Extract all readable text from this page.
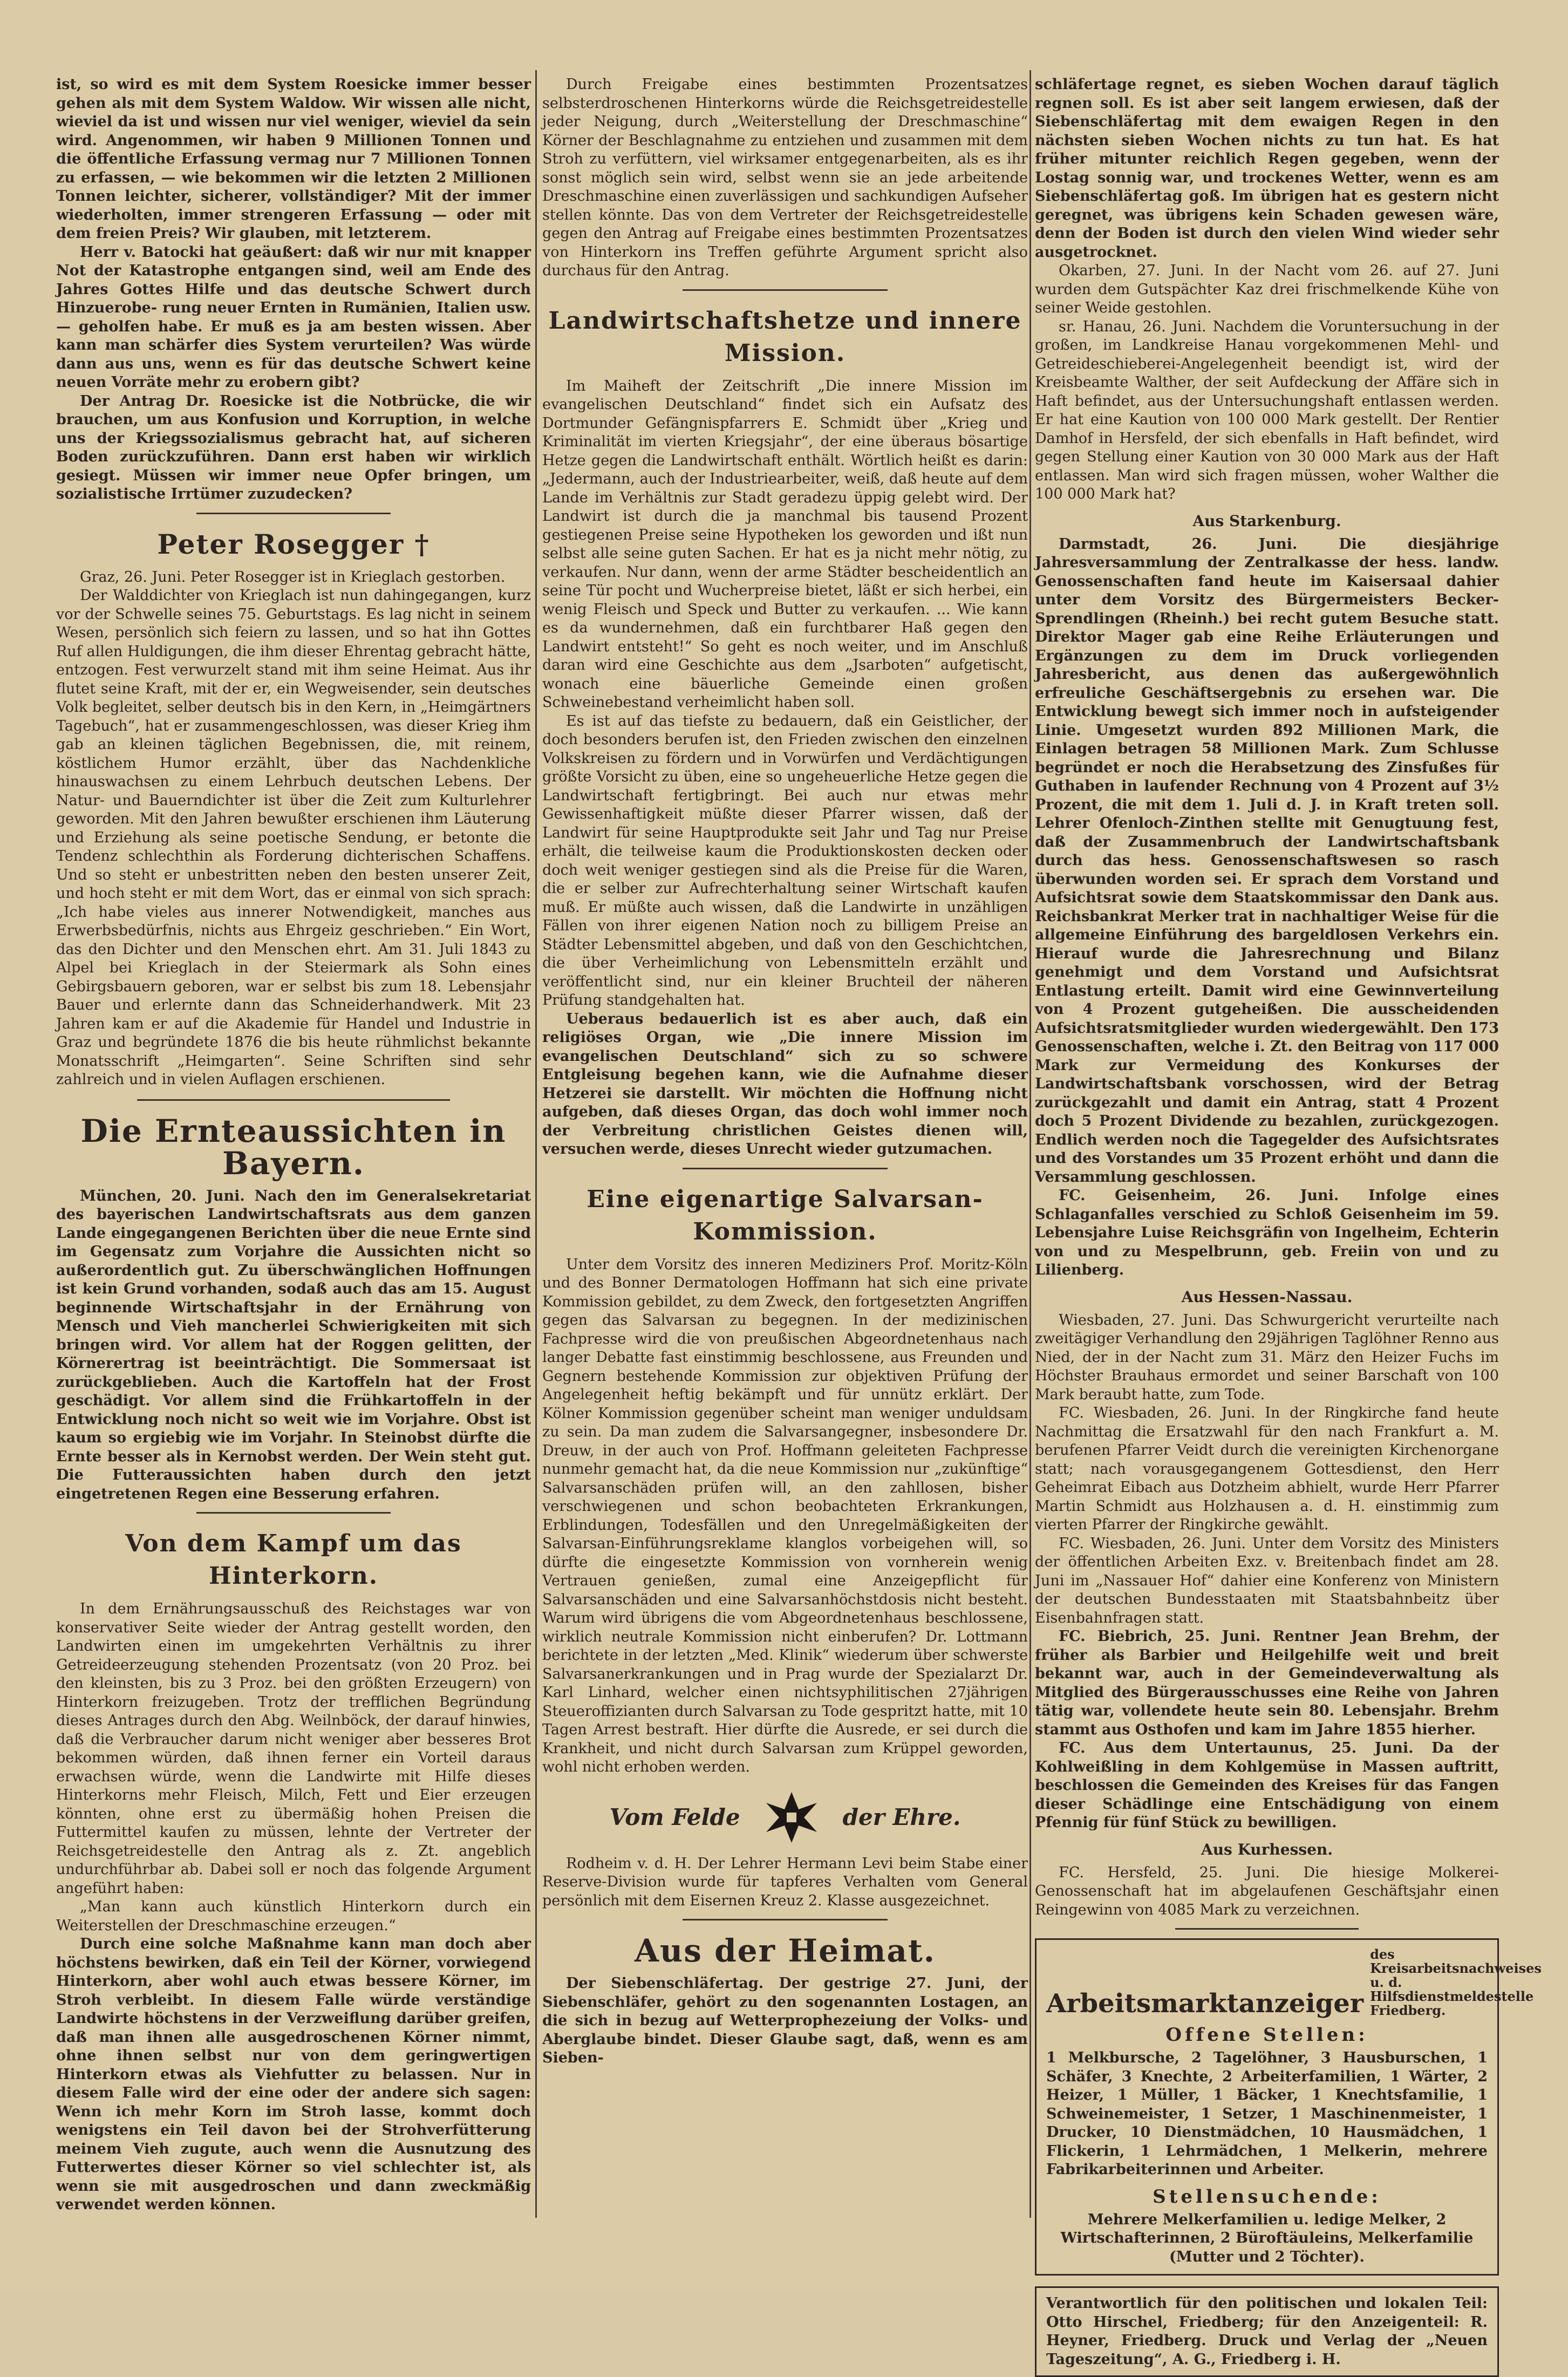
ist, so wird es mit dem System Roesicke immer besser gehen als mit dem System Waldow. Wir wissen alle nicht, wieviel da ist und wissen nur viel weniger, wieviel da sein wird. Angenommen, wir haben 9 Millionen Tonnen und die öffentliche Erfassung vermag nur 7 Millionen Tonnen zu erfassen, — wie bekommen wir die letzten 2 Millionen Tonnen leichter, sicherer, vollständiger? Mit der immer wiederholten, immer strengeren Erfassung — oder mit dem freien Preis? Wir glauben, mit letzterem.

Herr v. Batocki hat geäußert: daß wir nur mit knapper Not der Katastrophe entgangen sind, weil am Ende des Jahres Gottes Hilfe und das deutsche Schwert durch Hinzuerobe- rung neuer Ernten in Rumänien, Italien usw. — geholfen habe. Er muß es ja am besten wissen. Aber kann man schärfer dies System verurteilen? Was würde dann aus uns, wenn es für das deutsche Schwert keine neuen Vorräte mehr zu erobern gibt?

Der Antrag Dr. Roesicke ist die Notbrücke, die wir brauchen, um aus Konfusion und Korruption, in welche uns der Kriegssozialismus gebracht hat, auf sicheren Boden zurückzuführen. Dann erst haben wir wirklich gesiegt. Müssen wir immer neue Opfer bringen, um sozialistische Irrtümer zuzudecken?

Peter Rosegger †

Graz, 26. Juni. Peter Rosegger ist in Krieglach gestorben.

Der Walddichter von Krieglach ist nun dahingegangen, kurz vor der Schwelle seines 75. Geburtstags. Es lag nicht in seinem Wesen, persönlich sich feiern zu lassen, und so hat ihn Gottes Ruf allen Huldigungen, die ihm dieser Ehrentag gebracht hätte, entzogen. Fest verwurzelt stand mit ihm seine Heimat. Aus ihr flutet seine Kraft, mit der er, ein Wegweisender, sein deutsches Volk begleitet, selber deutsch bis in den Kern, in „Heimgärtners Tagebuch“, hat er zusammengeschlossen, was dieser Krieg ihm gab an kleinen täglichen Begebnissen, die, mit reinem, köstlichem Humor erzählt, über das Nachdenkliche hinauswachsen zu einem Lehrbuch deutschen Lebens. Der Natur- und Bauerndichter ist über die Zeit zum Kulturlehrer geworden. Mit den Jahren bewußter erschienen ihm Läuterung und Erziehung als seine poetische Sendung, er betonte die Tendenz schlechthin als Forderung dichterischen Schaffens. Und so steht er unbestritten neben den besten unserer Zeit, und hoch steht er mit dem Wort, das er einmal von sich sprach: „Ich habe vieles aus innerer Notwendigkeit, manches aus Erwerbsbedürfnis, nichts aus Ehrgeiz geschrieben.“ Ein Wort, das den Dichter und den Menschen ehrt. Am 31. Juli 1843 zu Alpel bei Krieglach in der Steiermark als Sohn eines Gebirgsbauern geboren, war er selbst bis zum 18. Lebensjahr Bauer und erlernte dann das Schneiderhandwerk. Mit 23 Jahren kam er auf die Akademie für Handel und Industrie in Graz und begründete 1876 die bis heute rühmlichst bekannte Monatsschrift „Heimgarten“. Seine Schriften sind sehr zahlreich und in vielen Auflagen erschienen.

Die Ernteaussichten in Bayern.

München, 20. Juni. Nach den im Generalsekretariat des bayerischen Landwirtschaftsrats aus dem ganzen Lande eingegangenen Berichten über die neue Ernte sind im Gegensatz zum Vorjahre die Aussichten nicht so außerordentlich gut. Zu überschwänglichen Hoffnungen ist kein Grund vorhanden, sodaß auch das am 15. August beginnende Wirtschaftsjahr in der Ernährung von Mensch und Vieh mancherlei Schwierigkeiten mit sich bringen wird. Vor allem hat der Roggen gelitten, der Körnerertrag ist beeinträchtigt. Die Sommersaat ist zurückgeblieben. Auch die Kartoffeln hat der Frost geschädigt. Vor allem sind die Frühkartoffeln in der Entwicklung noch nicht so weit wie im Vorjahre. Obst ist kaum so ergiebig wie im Vorjahr. In Steinobst dürfte die Ernte besser als in Kernobst werden. Der Wein steht gut. Die Futteraussichten haben durch den jetzt eingetretenen Regen eine Besserung erfahren.

Von dem Kampf um das Hinterkorn.

In dem Ernährungsausschuß des Reichstages war von konservativer Seite wieder der Antrag gestellt worden, den Landwirten einen im umgekehrten Verhältnis zu ihrer Getreideerzeugung stehenden Prozentsatz (von 20 Proz. bei den kleinsten, bis zu 3 Proz. bei den größten Erzeugern) von Hinterkorn freizugeben. Trotz der trefflichen Begründung dieses Antrages durch den Abg. Weilnböck, der darauf hinwies, daß die Verbraucher darum nicht weniger aber besseres Brot bekommen würden, daß ihnen ferner ein Vorteil daraus erwachsen würde, wenn die Landwirte mit Hilfe dieses Hinterkorns mehr Fleisch, Milch, Fett und Eier erzeugen könnten, ohne erst zu übermäßig hohen Preisen die Futtermittel kaufen zu müssen, lehnte der Vertreter der Reichsgetreidestelle den Antrag als z. Zt. angeblich undurchführbar ab. Dabei soll er noch das folgende Argument angeführt haben:

„Man kann auch künstlich Hinterkorn durch ein Weiterstellen der Dreschmaschine erzeugen.“

Durch eine solche Maßnahme kann man doch aber höchstens bewirken, daß ein Teil der Körner, vorwiegend Hinterkorn, aber wohl auch etwas bessere Körner, im Stroh verbleibt. In diesem Falle würde verständige Landwirte höchstens in der Verzweiflung darüber greifen, daß man ihnen alle ausgedroschenen Körner nimmt, ohne ihnen selbst nur von dem geringwertigen Hinterkorn etwas als Viehfutter zu belassen. Nur in diesem Falle wird der eine oder der andere sich sagen: Wenn ich mehr Korn im Stroh lasse, kommt doch wenigstens ein Teil davon bei der Strohverfütterung meinem Vieh zugute, auch wenn die Ausnutzung des Futterwertes dieser Körner so viel schlechter ist, als wenn sie mit ausgedroschen und dann zweckmäßig verwendet werden können.

Durch Freigabe eines bestimmten Prozentsatzes selbsterdroschenen Hinterkorns würde die Reichsgetreidestelle jeder Neigung, durch „Weiterstellung der Dreschmaschine“ Körner der Beschlagnahme zu entziehen und zusammen mit dem Stroh zu verfüttern, viel wirksamer entgegenarbeiten, als es ihr sonst möglich sein wird, selbst wenn sie an jede arbeitende Dreschmaschine einen zuverlässigen und sachkundigen Aufseher stellen könnte. Das von dem Vertreter der Reichsgetreidestelle gegen den Antrag auf Freigabe eines bestimmten Prozentsatzes von Hinterkorn ins Treffen geführte Argument spricht also durchaus für den Antrag.

Landwirtschaftshetze und innere Mission.

Im Maiheft der Zeitschrift „Die innere Mission im evangelischen Deutschland“ findet sich ein Aufsatz des Dortmunder Gefängnispfarrers E. Schmidt über „Krieg und Kriminalität im vierten Kriegsjahr“, der eine überaus bösartige Hetze gegen die Landwirtschaft enthält. Wörtlich heißt es darin: „Jedermann, auch der Industriearbeiter, weiß, daß heute auf dem Lande im Verhältnis zur Stadt geradezu üppig gelebt wird. Der Landwirt ist durch die ja manchmal bis tausend Prozent gestiegenen Preise seine Hypotheken los geworden und ißt nun selbst alle seine guten Sachen. Er hat es ja nicht mehr nötig, zu verkaufen. Nur dann, wenn der arme Städter bescheidentlich an seine Tür pocht und Wucherpreise bietet, läßt er sich herbei, ein wenig Fleisch und Speck und Butter zu verkaufen. ... Wie kann es da wundernehmen, daß ein furchtbarer Haß gegen den Landwirt entsteht!“ So geht es noch weiter, und im Anschluß daran wird eine Geschichte aus dem „Jsarboten“ aufgetischt, wonach eine bäuerliche Gemeinde einen großen Schweinebestand verheimlicht haben soll.

Es ist auf das tiefste zu bedauern, daß ein Geistlicher, der doch besonders berufen ist, den Frieden zwischen den einzelnen Volkskreisen zu fördern und in Vorwürfen und Verdächtigungen größte Vorsicht zu üben, eine so ungeheuerliche Hetze gegen die Landwirtschaft fertigbringt. Bei auch nur etwas mehr Gewissenhaftigkeit müßte dieser Pfarrer wissen, daß der Landwirt für seine Hauptprodukte seit Jahr und Tag nur Preise erhält, die teilweise kaum die Produktionskosten decken oder doch weit weniger gestiegen sind als die Preise für die Waren, die er selber zur Aufrechterhaltung seiner Wirtschaft kaufen muß. Er müßte auch wissen, daß die Landwirte in unzähligen Fällen von ihrer eigenen Nation noch zu billigem Preise an Städter Lebensmittel abgeben, und daß von den Geschichtchen, die über Verheimlichung von Lebensmitteln erzählt und veröffentlicht sind, nur ein kleiner Bruchteil der näheren Prüfung standgehalten hat.

Ueberaus bedauerlich ist es aber auch, daß ein religiöses Organ, wie „Die innere Mission im evangelischen Deutschland“ sich zu so schwere Entgleisung begehen kann, wie die Aufnahme dieser Hetzerei sie darstellt. Wir möchten die Hoffnung nicht aufgeben, daß dieses Organ, das doch wohl immer noch der Verbreitung christlichen Geistes dienen will, versuchen werde, dieses Unrecht wieder gutzumachen.

Eine eigenartige Salvarsan-Kommission.

Unter dem Vorsitz des inneren Mediziners Prof. Moritz-Köln und des Bonner Dermatologen Hoffmann hat sich eine private Kommission gebildet, zu dem Zweck, den fortgesetzten Angriffen gegen das Salvarsan zu begegnen. In der medizinischen Fachpresse wird die von preußischen Abgeordnetenhaus nach langer Debatte fast einstimmig beschlossene, aus Freunden und Gegnern bestehende Kommission zur objektiven Prüfung der Angelegenheit heftig bekämpft und für unnütz erklärt. Der Kölner Kommission gegenüber scheint man weniger unduldsam zu sein. Da man zudem die Salvarsangegner, insbesondere Dr. Dreuw, in der auch von Prof. Hoffmann geleiteten Fachpresse nunmehr gemacht hat, da die neue Kommission nur „zukünftige“ Salvarsanschäden prüfen will, an den zahllosen, bisher verschwiegenen und schon beobachteten Erkrankungen, Erblindungen, Todesfällen und den Unregelmäßigkeiten der Salvarsan-Einführungsreklame klanglos vorbeigehen will, so dürfte die eingesetzte Kommission von vornherein wenig Vertrauen genießen, zumal eine Anzeigepflicht für Salvarsanschäden und eine Salvarsanhöchstdosis nicht besteht. Warum wird übrigens die vom Abgeordnetenhaus beschlossene, wirklich neutrale Kommission nicht einberufen? Dr. Lottmann berichtete in der letzten „Med. Klinik“ wiederum über schwerste Salvarsanerkrankungen und in Prag wurde der Spezialarzt Dr. Karl Linhard, welcher einen nichtsyphilitischen 27jährigen Steueroffizianten durch Salvarsan zu Tode gespritzt hatte, mit 10 Tagen Arrest bestraft. Hier dürfte die Ausrede, er sei durch die Krankheit, und nicht durch Salvarsan zum Krüppel geworden, wohl nicht erhoben werden.

Vom Felde	der Ehre.

Rodheim v. d. H. Der Lehrer Hermann Levi beim Stabe einer Reserve-Division wurde für tapferes Verhalten vom General persönlich mit dem Eisernen Kreuz 2. Klasse ausgezeichnet.

Aus der Heimat.

Der Siebenschläfertag. Der gestrige 27. Juni, der Siebenschläfer, gehört zu den sogenannten Lostagen, an die sich in bezug auf Wetterprophezeiung der Volks- und Aberglaube bindet. Dieser Glaube sagt, daß, wenn es am Sieben-

schläfertage regnet, es sieben Wochen darauf täglich regnen soll. Es ist aber seit langem erwiesen, daß der Siebenschläfertag mit dem ewaigen Regen in den nächsten sieben Wochen nichts zu tun hat. Es hat früher mitunter reichlich Regen gegeben, wenn der Lostag sonnig war, und trockenes Wetter, wenn es am Siebenschläfertag goß. Im übrigen hat es gestern nicht geregnet, was übrigens kein Schaden gewesen wäre, denn der Boden ist durch den vielen Wind wieder sehr ausgetrocknet.

Okarben, 27. Juni. In der Nacht vom 26. auf 27. Juni wurden dem Gutspächter Kaz drei frischmelkende Kühe von seiner Weide gestohlen.

sr. Hanau, 26. Juni. Nachdem die Voruntersuchung in der großen, im Landkreise Hanau vorgekommenen Mehl- und Getreideschieberei-Angelegenheit beendigt ist, wird der Kreisbeamte Walther, der seit Aufdeckung der Affäre sich in Haft befindet, aus der Untersuchungshaft entlassen werden. Er hat eine Kaution von 100 000 Mark gestellt. Der Rentier Damhof in Hersfeld, der sich ebenfalls in Haft befindet, wird gegen Stellung einer Kaution von 30 000 Mark aus der Haft entlassen. Man wird sich fragen müssen, woher Walther die 100 000 Mark hat?

Aus Starkenburg.

Darmstadt, 26. Juni. Die diesjährige Jahresversammlung der Zentralkasse der hess. landw. Genossenschaften fand heute im Kaisersaal dahier unter dem Vorsitz des Bürgermeisters Becker-Sprendlingen (Rheinh.) bei recht gutem Besuche statt. Direktor Mager gab eine Reihe Erläuterungen und Ergänzungen zu dem im Druck vorliegenden Jahresbericht, aus denen das außergewöhnlich erfreuliche Geschäftsergebnis zu ersehen war. Die Entwicklung bewegt sich immer noch in aufsteigender Linie. Umgesetzt wurden 892 Millionen Mark, die Einlagen betragen 58 Millionen Mark. Zum Schlusse begründet er noch die Herabsetzung des Zinsfußes für Guthaben in laufender Rechnung von 4 Prozent auf 3½ Prozent, die mit dem 1. Juli d. J. in Kraft treten soll. Lehrer Ofenloch-Zinthen stellte mit Genugtuung fest, daß der Zusammenbruch der Landwirtschaftsbank durch das hess. Genossenschaftswesen so rasch überwunden worden sei. Er sprach dem Vorstand und Aufsichtsrat sowie dem Staatskommissar den Dank aus. Reichsbankrat Merker trat in nachhaltiger Weise für die allgemeine Einführung des bargeldlosen Verkehrs ein. Hierauf wurde die Jahresrechnung und Bilanz genehmigt und dem Vorstand und Aufsichtsrat Entlastung erteilt. Damit wird eine Gewinnverteilung von 4 Prozent gutgeheißen. Die ausscheidenden Aufsichtsratsmitglieder wurden wiedergewählt. Den 173 Genossenschaften, welche i. Zt. den Beitrag von 117 000 Mark zur Vermeidung des Konkurses der Landwirtschaftsbank vorschossen, wird der Betrag zurückgezahlt und damit ein Antrag, statt 4 Prozent doch 5 Prozent Dividende zu bezahlen, zurückgezogen. Endlich werden noch die Tagegelder des Aufsichtsrates und des Vorstandes um 35 Prozent erhöht und dann die Versammlung geschlossen.

FC. Geisenheim, 26. Juni. Infolge eines Schlaganfalles verschied zu Schloß Geisenheim im 59. Lebensjahre Luise Reichsgräfin von Ingelheim, Echterin von und zu Mespelbrunn, geb. Freiin von und zu Lilienberg.

Aus Hessen-Nassau.

Wiesbaden, 27. Juni. Das Schwurgericht verurteilte nach zweitägiger Verhandlung den 29jährigen Taglöhner Renno aus Nied, der in der Nacht zum 31. März den Heizer Fuchs im Höchster Brauhaus ermordet und seiner Barschaft von 100 Mark beraubt hatte, zum Tode.

FC. Wiesbaden, 26. Juni. In der Ringkirche fand heute Nachmittag die Ersatzwahl für den nach Frankfurt a. M. berufenen Pfarrer Veidt durch die vereinigten Kirchenorgane statt; nach vorausgegangenem Gottesdienst, den Herr Geheimrat Eibach aus Dotzheim abhielt, wurde Herr Pfarrer Martin Schmidt aus Holzhausen a. d. H. einstimmig zum vierten Pfarrer der Ringkirche gewählt.

FC. Wiesbaden, 26. Juni. Unter dem Vorsitz des Ministers der öffentlichen Arbeiten Exz. v. Breitenbach findet am 28. Juni im „Nassauer Hof“ dahier eine Konferenz von Ministern der deutschen Bundesstaaten mit Staatsbahnbeitz über Eisenbahnfragen statt.

FC. Biebrich, 25. Juni. Rentner Jean Brehm, der früher als Barbier und Heilgehilfe weit und breit bekannt war, auch in der Gemeindeverwaltung als Mitglied des Bürgerausschusses eine Reihe von Jahren tätig war, vollendete heute sein 80. Lebensjahr. Brehm stammt aus Osthofen und kam im Jahre 1855 hierher.

FC. Aus dem Untertaunus, 25. Juni. Da der Kohlweißling in dem Kohlgemüse in Massen auftritt, beschlossen die Gemeinden des Kreises für das Fangen dieser Schädlinge eine Entschädigung von einem Pfennig für fünf Stück zu bewilligen.

Aus Kurhessen.

FC. Hersfeld, 25. Juni. Die hiesige Molkerei-Genossenschaft hat im abgelaufenen Geschäftsjahr einen Reingewinn von 4085 Mark zu verzeichnen.

Arbeitsmarktanzeiger
des Kreisarbeitsnachweises u. d.
Hilfsdienstmeldestelle Friedberg.
Offene Stellen:

1 Melkbursche, 2 Tagelöhner, 3 Hausburschen, 1 Schäfer, 3 Knechte, 2 Arbeiterfamilien, 1 Wärter, 2 Heizer, 1 Müller, 1 Bäcker, 1 Knechtsfamilie, 1 Schweinemeister, 1 Setzer, 1 Maschinenmeister, 1 Drucker, 10 Dienstmädchen, 10 Hausmädchen, 1 Flickerin, 1 Lehrmädchen, 1 Melkerin, mehrere Fabrikarbeiterinnen und Arbeiter.

Stellensuchende:

Mehrere Melkerfamilien u. ledige Melker, 2 Wirtschafterinnen, 2 Büroftäuleins, Melkerfamilie (Mutter und 2 Töchter).

Verantwortlich für den politischen und lokalen Teil: Otto Hirschel, Friedberg; für den Anzeigenteil: R. Heyner, Friedberg. Druck und Verlag der „Neuen Tageszeitung“, A. G., Friedberg i. H.
